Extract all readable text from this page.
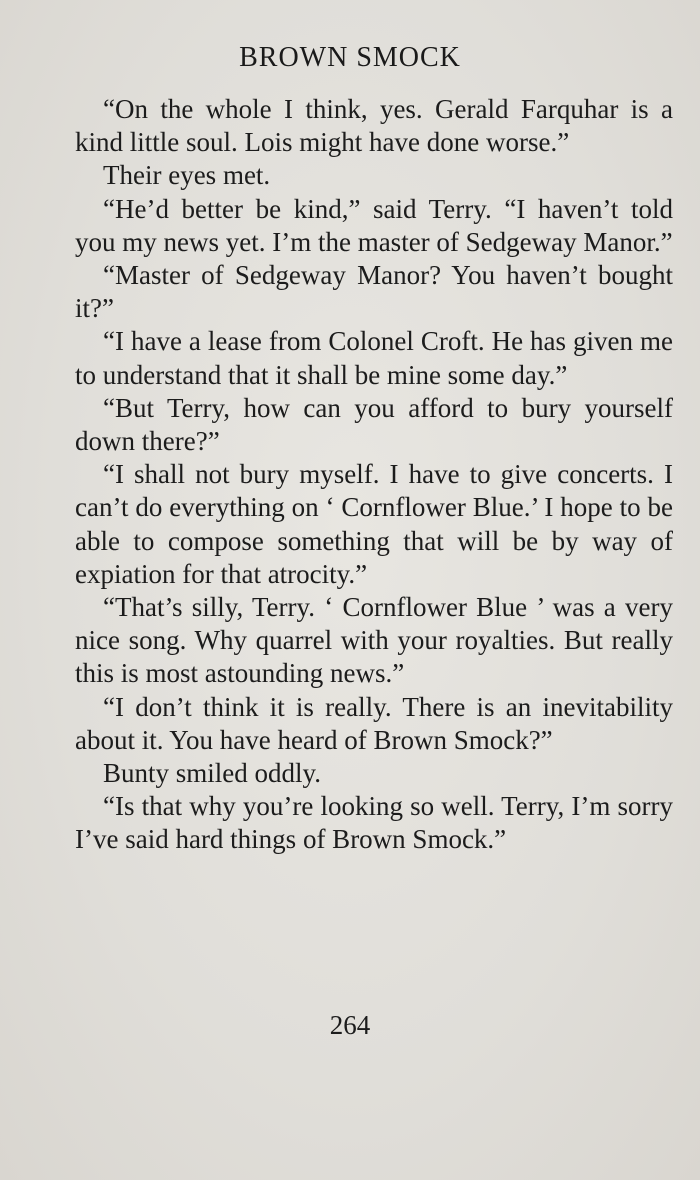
BROWN SMOCK

“On the whole I think, yes. Gerald Farquhar is a kind little soul. Lois might have done worse.”

Their eyes met.

“He’d better be kind,” said Terry. “I haven’t told you my news yet. I’m the master of Sedgeway Manor.”

“Master of Sedgeway Manor? You haven’t bought it?”

“I have a lease from Colonel Croft. He has given me to understand that it shall be mine some day.”

“But Terry, how can you afford to bury yourself down there?”

“I shall not bury myself. I have to give concerts. I can’t do everything on ‘ Cornflower Blue.’ I hope to be able to compose something that will be by way of expiation for that atrocity.”

“That’s silly, Terry. ‘ Cornflower Blue ’ was a very nice song. Why quarrel with your royalties. But really this is most astounding news.”

“I don’t think it is really. There is an inevitability about it. You have heard of Brown Smock?”

Bunty smiled oddly.

“Is that why you’re looking so well. Terry, I’m sorry I’ve said hard things of Brown Smock.”

264
